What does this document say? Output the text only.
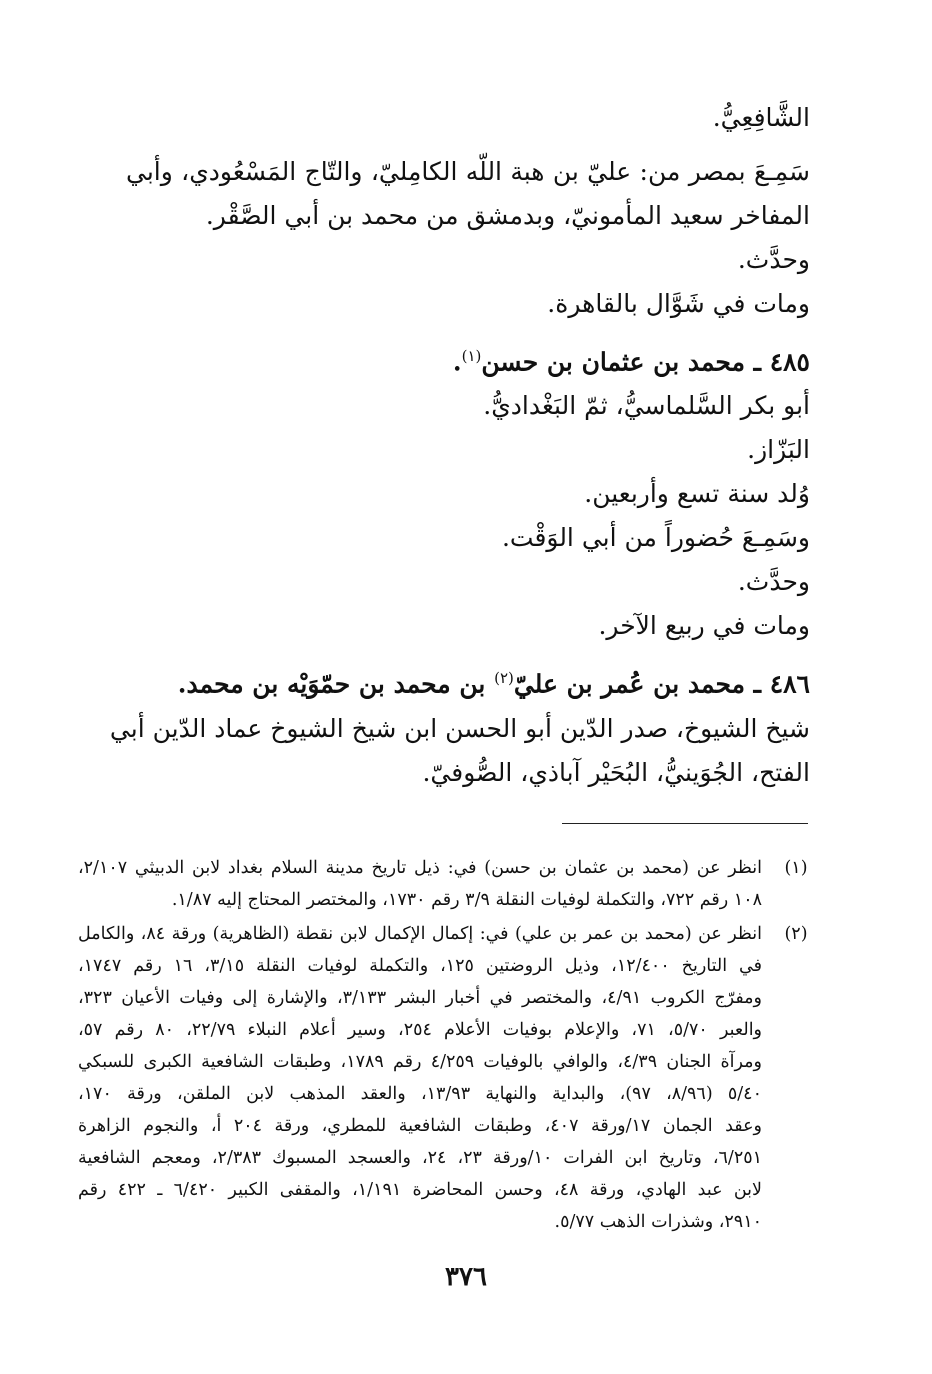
الشَّافِعِيُّ.
سَمِـعَ بمصر من: عليّ بن هبة اللّه الكامِليّ، والتّاج المَسْعُودي، وأبي
المفاخر سعيد المأمونيّ، وبدمشق من محمد بن أبي الصَّقْر.
وحدَّث.
ومات في شَوَّال بالقاهرة.
٤٨٥ ـ محمد بن عثمان بن حسن$^{(١)}$.
أبو بكر السَّلماسيُّ، ثمّ البَغْداديُّ.
البَزّاز.
وُلد سنة تسع وأربعين.
وسَمِـعَ حُضوراً من أبي الوَقْت.
وحدَّث.
ومات في ربيع الآخر.
٤٨٦ ـ محمد بن عُمر بن عليّ$^{(٢)}$ بن محمد بن حمّوَيْه بن محمد.
شيخ الشيوخ، صدر الدّين أبو الحسن ابن شيخ الشيوخ عماد الدّين أبي
الفتح، الجُوَينيُّ، البُحَيْر آباذي، الصُّوفيّ.
(١)
انظر عن (محمد بن عثمان بن حسن) في: ذيل تاريخ مدينة السلام بغداد لابن الدبيثي ٢/١٠٧،
١٠٨ رقم ٧٢٢، والتكملة لوفيات النقلة ٣/٩ رقم ١٧٣٠، والمختصر المحتاج إليه ١/٨٧.
(٢)
انظر عن (محمد بن عمر بن علي) في: إكمال الإكمال لابن نقطة (الظاهرية) ورقة ٨٤، والكامل
في التاريخ ١٢/٤٠٠، وذيل الروضتين ١٢٥، والتكملة لوفيات النقلة ٣/١٥، ١٦ رقم ١٧٤٧،
ومفرّج الكروب ٤/٩١، والمختصر في أخبار البشر ٣/١٣٣، والإشارة إلى وفيات الأعيان ٣٢٣،
والعبر ٥/٧٠، ٧١، والإعلام بوفيات الأعلام ٢٥٤، وسير أعلام النبلاء ٢٢/٧٩، ٨٠ رقم ٥٧،
ومرآة الجنان ٤/٣٩، والوافي بالوفيات ٤/٢٥٩ رقم ١٧٨٩، وطبقات الشافعية الكبرى للسبكي
٥/٤٠ (٨/٩٦، ٩٧)، والبداية والنهاية ١٣/٩٣، والعقد المذهب لابن الملقن، ورقة ١٧٠،
وعقد الجمان ١٧/ورقة ٤٠٧، وطبقات الشافعية للمطري، ورقة ٢٠٤ أ، والنجوم الزاهرة
٦/٢٥١، وتاريخ ابن الفرات ١٠/ورقة ٢٣، ٢٤، والعسجد المسبوك ٢/٣٨٣، ومعجم الشافعية
لابن عبد الهادي، ورقة ٤٨، وحسن المحاضرة ١/١٩١، والمقفى الكبير ٦/٤٢٠ ـ ٤٢٢ رقم
٢٩١٠، وشذرات الذهب ٥/٧٧.
٣٧٦
